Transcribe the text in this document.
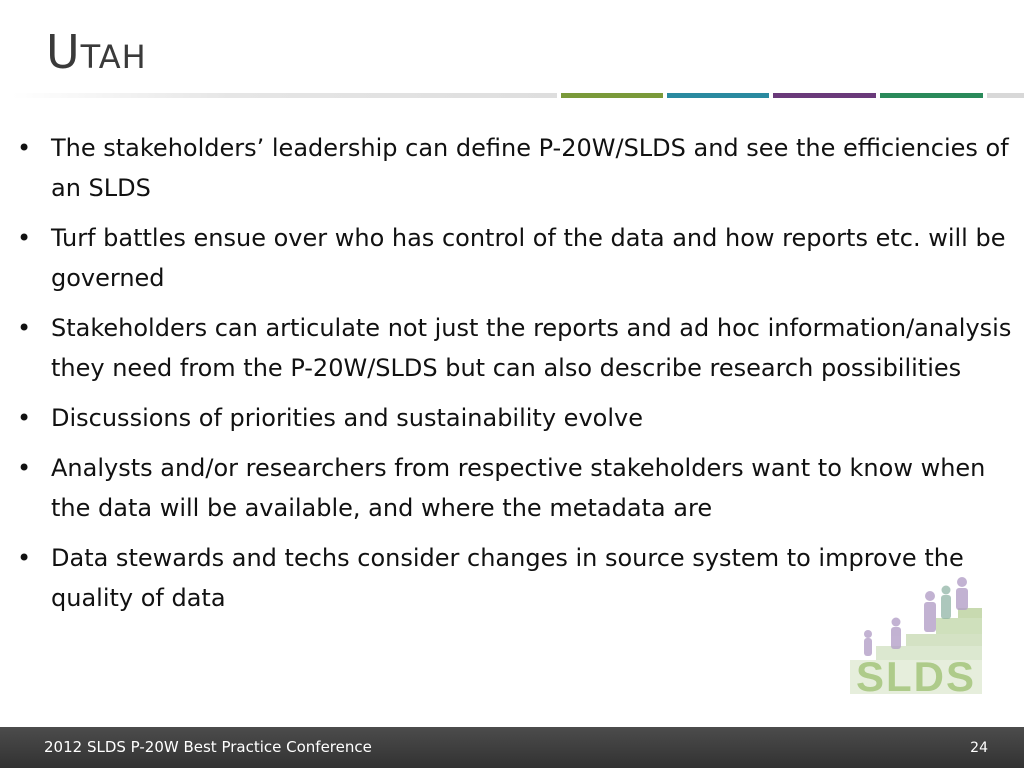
Utah
• The stakeholders’ leadership can define P-20W/SLDS and see the efficiencies of an SLDS
• Turf battles ensue over who has control of the data and how reports etc. will be governed
• Stakeholders can articulate not just the reports and ad hoc information/analysis they need from the P-20W/SLDS but can also describe research possibilities
• Discussions of priorities and sustainability evolve
• Analysts and/or researchers from respective stakeholders want to know when the data will be available, and where the metadata are
• Data stewards and techs consider changes in source system to improve the quality of data
SLDS
2012 SLDS P-20W Best Practice Conference	24
